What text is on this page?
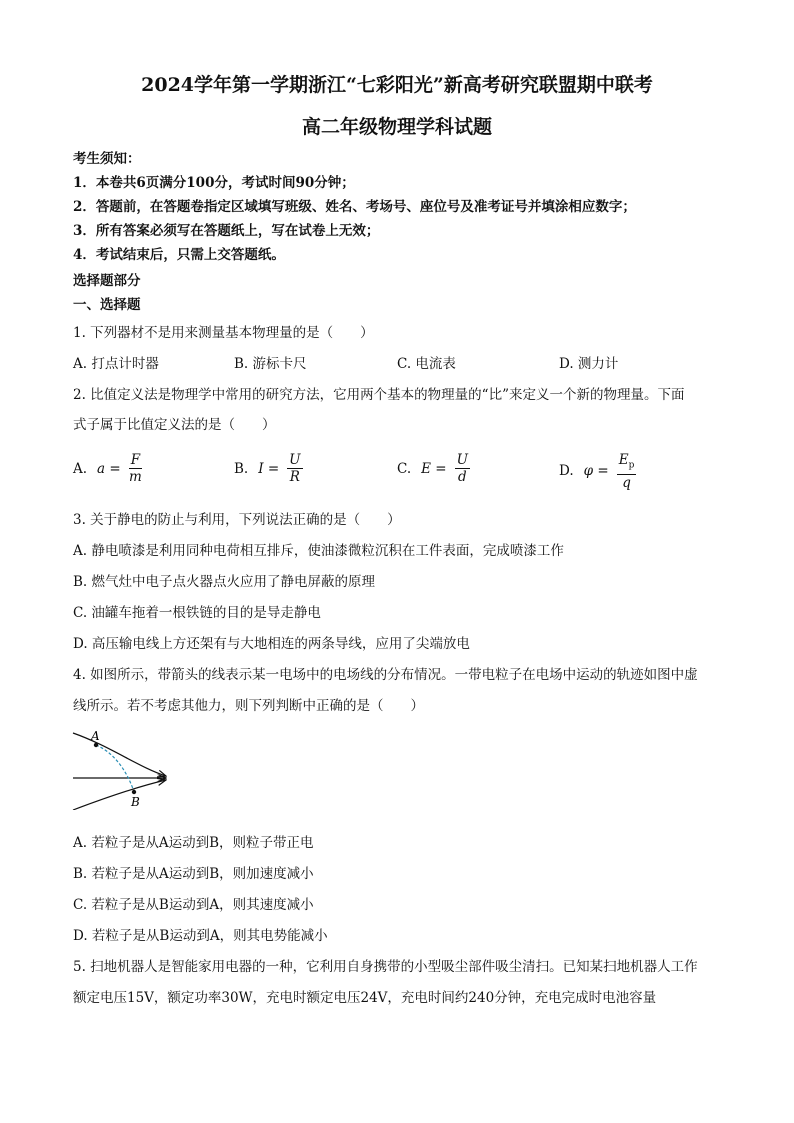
2024学年第一学期浙江“七彩阳光”新高考研究联盟期中联考
高二年级物理学科试题
考生须知：
1．本卷共6页满分100分，考试时间90分钟；
2．答题前，在答题卷指定区域填写班级、姓名、考场号、座位号及准考证号并填涂相应数字；
3．所有答案必须写在答题纸上，写在试卷上无效；
4．考试结束后，只需上交答题纸。
选择题部分
一、选择题
1. 下列器材不是用来测量基本物理量的是（　　）
A. 打点计时器	B. 游标卡尺	C. 电流表	D. 测力计
2. 比值定义法是物理学中常用的研究方法，它用两个基本的物理量的“比”来定义一个新的物理量。下面
式子属于比值定义法的是（　　）
A. $a = \frac{F}{m}$	B. $I = \frac{U}{R}$	C. $E = \frac{U}{d}$	D. $\varphi = \frac{E_p}{q}$
3. 关于静电的防止与利用，下列说法正确的是（　　）
A. 静电喷漆是利用同种电荷相互排斥，使油漆微粒沉积在工件表面，完成喷漆工作
B. 燃气灶中电子点火器点火应用了静电屏蔽的原理
C. 油罐车拖着一根铁链的目的是导走静电
D. 高压输电线上方还架有与大地相连的两条导线，应用了尖端放电
4. 如图所示，带箭头的线表示某一电场中的电场线的分布情况。一带电粒子在电场中运动的轨迹如图中虚
线所示。若不考虑其他力，则下列判断中正确的是（　　）
A
B
A. 若粒子是从A运动到B，则粒子带正电
B. 若粒子是从A运动到B，则加速度减小
C. 若粒子是从B运动到A，则其速度减小
D. 若粒子是从B运动到A，则其电势能减小
5. 扫地机器人是智能家用电器的一种，它利用自身携带的小型吸尘部件吸尘清扫。已知某扫地机器人工作
额定电压15V，额定功率30W，充电时额定电压24V，充电时间约240分钟，充电完成时电池容量
